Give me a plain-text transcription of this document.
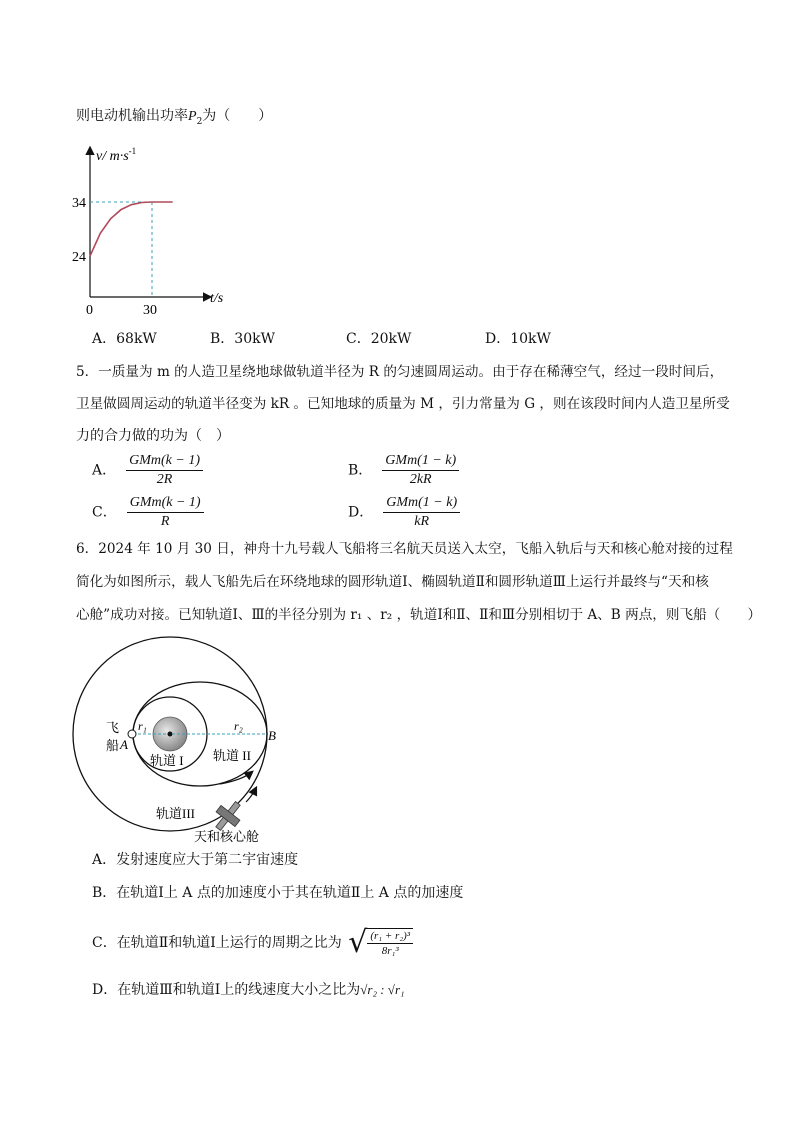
则电动机输出功率$P_2$为（　　）
v/ $m\cdot s^{-1}$
t/s
0
34
24
30
A．68kW	B．30kW	C．20kW	D．10kW
5．一质量为 m 的人造卫星绕地球做轨道半径为 R 的匀速圆周运动。由于存在稀薄空气，经过一段时间后，
卫星做圆周运动的轨道半径变为 kR 。已知地球的质量为 M ，引力常量为 G ，则在该段时间内人造卫星所受
力的合力做的功为（　）
A． $\frac{\text{GMm(k − 1)}}{2R}$	B． $\frac{\text{GMm(1 − k)}}{2kR}$
C． $\frac{\text{GMm(k − 1)}}{R}$	D． $\frac{\text{GMm(1 − k)}}{kR}$
6．2024 年 10 月 30 日，神舟十九号载人飞船将三名航天员送入太空，飞船入轨后与天和核心舱对接的过程
简化为如图所示，载人飞船先后在环绕地球的圆形轨道Ⅰ、椭圆轨道Ⅱ和圆形轨道Ⅲ上运行并最终与“天和核
心舱”成功对接。已知轨道Ⅰ、Ⅲ的半径分别为 r₁ 、r₂ ，轨道Ⅰ和Ⅱ、Ⅱ和Ⅲ分别相切于 A、B 两点，则飞船（　　）
飞
船 A
B
r₁	r₂
轨道 I 轨道 II
轨道III
天和核心舱
A．发射速度应大于第二宇宙速度
B．在轨道Ⅰ上 A 点的加速度小于其在轨道Ⅱ上 A 点的加速度
C．在轨道Ⅱ和轨道Ⅰ上运行的周期之比为 √ $\frac{\text{(r₁ + r₂)³}}{\text{8r₁³}}$
D．在轨道Ⅲ和轨道Ⅰ上的线速度大小之比为√r₂ : √r₁
